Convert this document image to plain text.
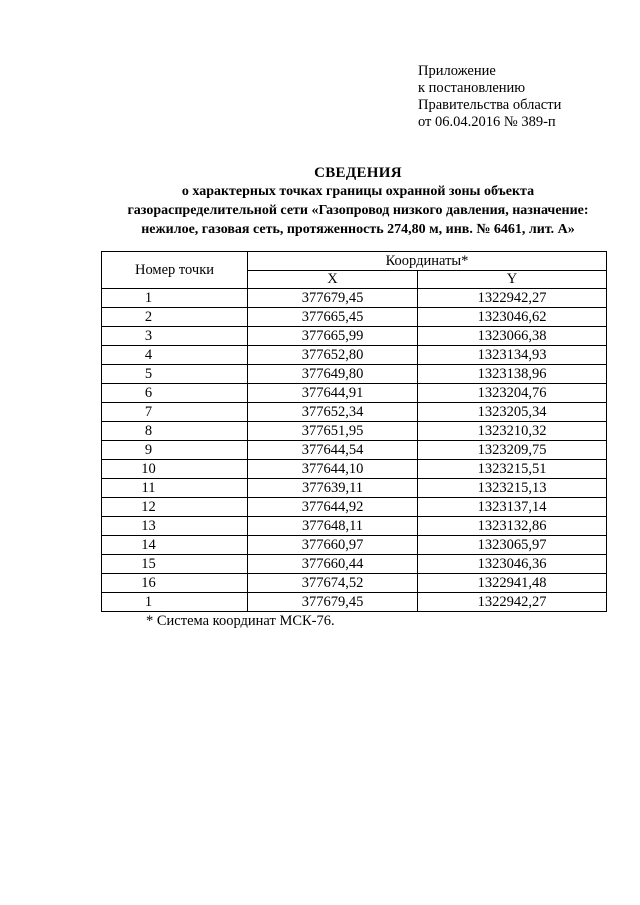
Приложение
к постановлению
Правительства области
от 06.04.2016 № 389-п
СВЕДЕНИЯ
о характерных точках границы охранной зоны объекта
газораспределительной сети «Газопровод низкого давления, назначение:
нежилое, газовая сеть, протяженность 274,80 м, инв. № 6461, лит. А»
Номер точки	Координаты*	
	X	Y
1	377679,45	1322942,27
2	377665,45	1323046,62
3	377665,99	1323066,38
4	377652,80	1323134,93
5	377649,80	1323138,96
6	377644,91	1323204,76
7	377652,34	1323205,34
8	377651,95	1323210,32
9	377644,54	1323209,75
10	377644,10	1323215,51
11	377639,11	1323215,13
12	377644,92	1323137,14
13	377648,11	1323132,86
14	377660,97	1323065,97
15	377660,44	1323046,36
16	377674,52	1322941,48
1	377679,45	1322942,27
* Система координат МСК-76.
